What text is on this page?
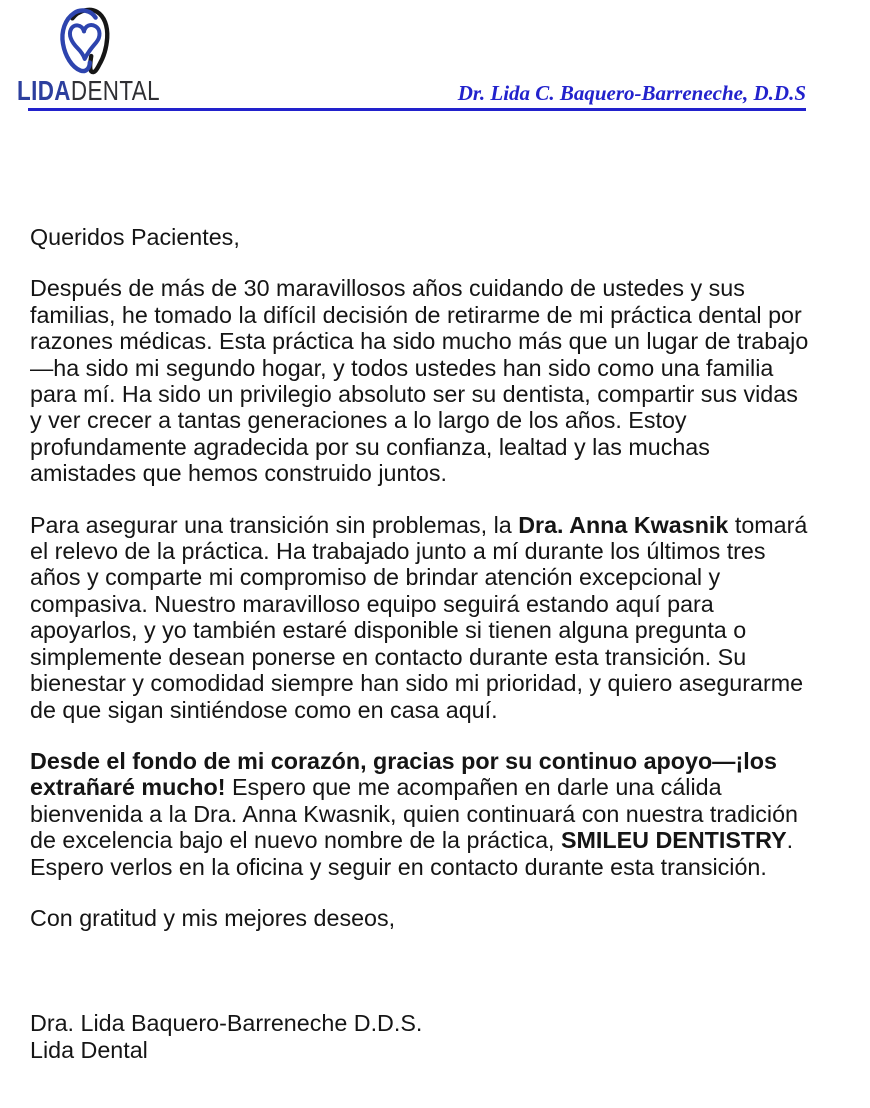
LIDADENTAL	Dr. Lida C. Baquero-Barreneche, D.D.S

Queridos Pacientes,

Después de más de 30 maravillosos años cuidando de ustedes y sus familias, he tomado la difícil decisión de retirarme de mi práctica dental por razones médicas. Esta práctica ha sido mucho más que un lugar de trabajo—ha sido mi segundo hogar, y todos ustedes han sido como una familia para mí. Ha sido un privilegio absoluto ser su dentista, compartir sus vidas y ver crecer a tantas generaciones a lo largo de los años. Estoy profundamente agradecida por su confianza, lealtad y las muchas amistades que hemos construido juntos.

Para asegurar una transición sin problemas, la Dra. Anna Kwasnik tomará el relevo de la práctica. Ha trabajado junto a mí durante los últimos tres años y comparte mi compromiso de brindar atención excepcional y compasiva. Nuestro maravilloso equipo seguirá estando aquí para apoyarlos, y yo también estaré disponible si tienen alguna pregunta o simplemente desean ponerse en contacto durante esta transición. Su bienestar y comodidad siempre han sido mi prioridad, y quiero asegurarme de que sigan sintiéndose como en casa aquí.

Desde el fondo de mi corazón, gracias por su continuo apoyo—¡los extrañaré mucho! Espero que me acompañen en darle una cálida bienvenida a la Dra. Anna Kwasnik, quien continuará con nuestra tradición de excelencia bajo el nuevo nombre de la práctica, SMILEU DENTISTRY. Espero verlos en la oficina y seguir en contacto durante esta transición.

Con gratitud y mis mejores deseos,

Dra. Lida Baquero-Barreneche D.D.S.

Lida Dental
